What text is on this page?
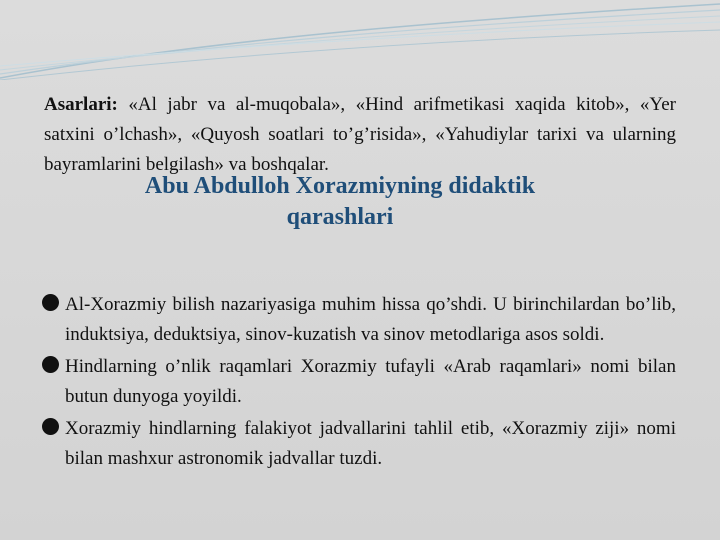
Asarlari: «Al jabr va al-muqobala», «Hind arifmetikasi xaqida kitob», «Yer satxini o’lchash», «Quyosh soatlari to’g’risida», «Yahudiylar tarixi va ularning bayramlarini belgilash» va boshqalar.

Abu Abdulloh Xorazmiyning didaktik
qarashlari
Al-Xorazmiy bilish nazariyasiga muhim hissa qo’shdi. U birinchilardan bo’lib, induktsiya, deduktsiya, sinov-kuzatish va sinov metodlariga asos soldi.
Hindlarning o’nlik raqamlari Xorazmiy tufayli «Arab raqamlari» nomi bilan butun dunyoga yoyildi.
Xorazmiy hindlarning falakiyot jadvallarini tahlil etib, «Xorazmiy ziji» nomi bilan mashxur astronomik jadvallar tuzdi.
